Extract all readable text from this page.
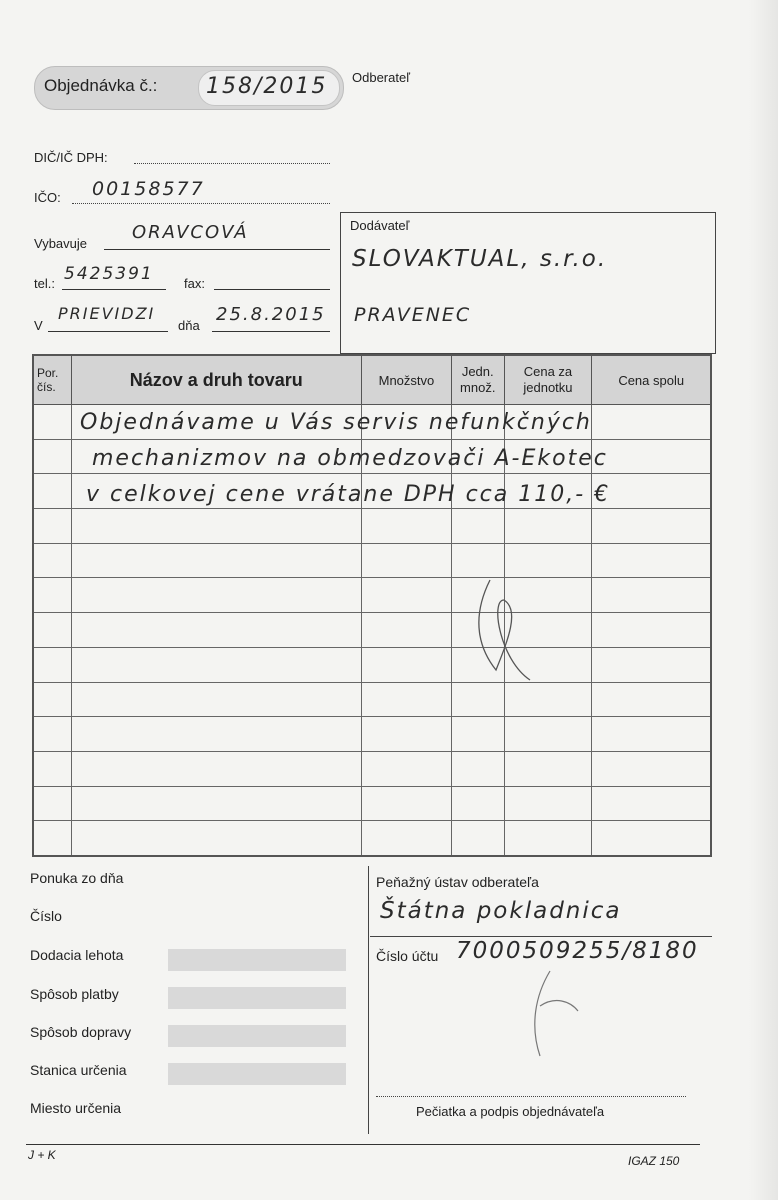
Objednávka č.: 158/2015 Odberateľ
DIČ/IČ DPH:
IČO: 00158577
Vybavuje
ORAVCOVÁ
tel.: 5425391 fax:
V
PRIEVIDZI
dňa
25.8.2015
Dodávateľ
SLOVAKTUAL, s.r.o.
PRAVENEC
Por. čís.	Názov a druh tovaru	Množstvo	Jedn. množ.	Cena za jednotku	Cena spolu

Objednávame u Vás servis nefunkčných
mechanizmov na obmedzovači A-Ekotec
v celkovej cene vrátane DPH cca 110,- €
Ponuka zo dňa
Číslo
Dodacia lehota
Spôsob platby
Spôsob dopravy
Stanica určenia
Miesto určenia
Peňažný ústav odberateľa
Štátna pokladnica
Číslo účtu 7000509255/8180
Pečiatka a podpis objednávateľa
J + K	IGAZ 150
